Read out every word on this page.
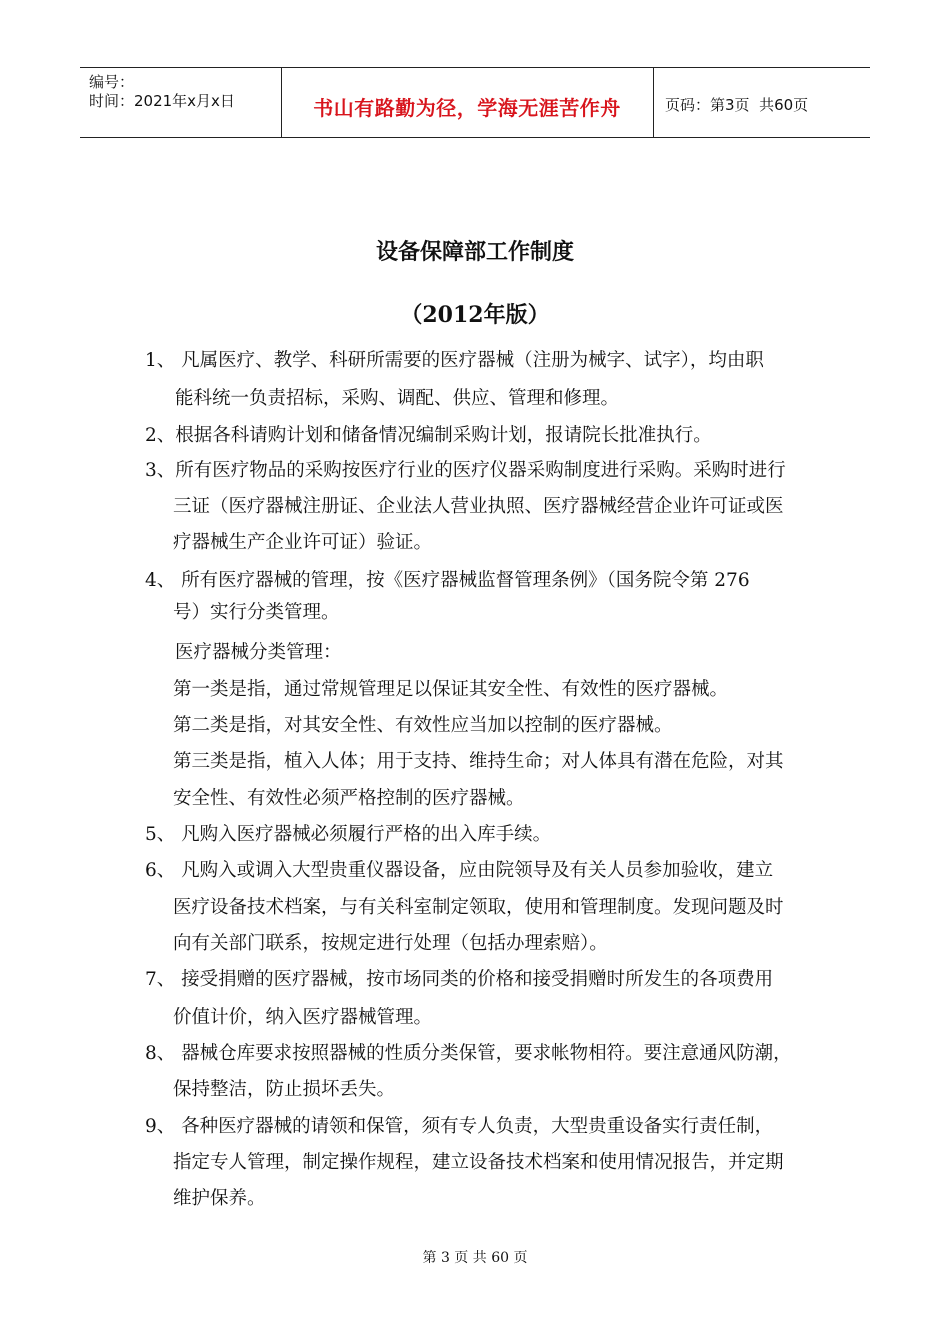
编号：
时间：2021年x月x日	书山有路勤为径，学海无涯苦作舟	页码：第3页  共60页
设备保障部工作制度
（2012年版）
1、 凡属医疗、教学、科研所需要的医疗器械（注册为械字、试字），均由职
能科统一负责招标，采购、调配、供应、管理和修理。
2、根据各科请购计划和储备情况编制采购计划，报请院长批准执行。
3、所有医疗物品的采购按医疗行业的医疗仪器采购制度进行采购。采购时进行
三证（医疗器械注册证、企业法人营业执照、医疗器械经营企业许可证或医
疗器械生产企业许可证）验证。
4、 所有医疗器械的管理，按《医疗器械监督管理条例》（国务院令第 276
号）实行分类管理。
医疗器械分类管理：
第一类是指，通过常规管理足以保证其安全性、有效性的医疗器械。
第二类是指，对其安全性、有效性应当加以控制的医疗器械。
第三类是指，植入人体；用于支持、维持生命；对人体具有潜在危险，对其
安全性、有效性必须严格控制的医疗器械。
5、 凡购入医疗器械必须履行严格的出入库手续。
6、 凡购入或调入大型贵重仪器设备，应由院领导及有关人员参加验收，建立
医疗设备技术档案，与有关科室制定领取，使用和管理制度。发现问题及时
向有关部门联系，按规定进行处理（包括办理索赔）。
7、 接受捐赠的医疗器械，按市场同类的价格和接受捐赠时所发生的各项费用
价值计价，纳入医疗器械管理。
8、 器械仓库要求按照器械的性质分类保管，要求帐物相符。要注意通风防潮，
保持整洁，防止损坏丢失。
9、 各种医疗器械的请领和保管，须有专人负责，大型贵重设备实行责任制，
指定专人管理，制定操作规程，建立设备技术档案和使用情况报告，并定期
维护保养。
第 3 页 共 60 页
